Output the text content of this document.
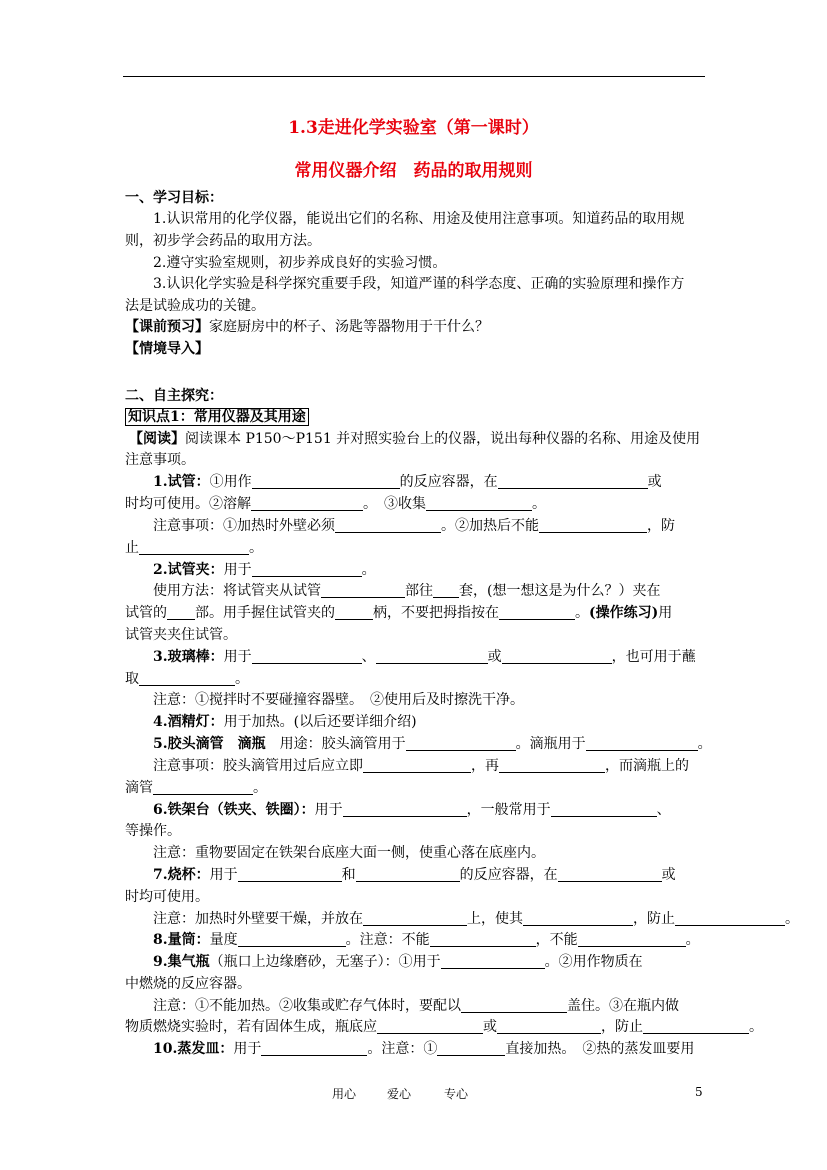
1.3走进化学实验室（第一课时）
常用仪器介绍　药品的取用规则
一、学习目标：
1.认识常用的化学仪器，能说出它们的名称、用途及使用注意事项。知道药品的取用规
则，初步学会药品的取用方法。
2.遵守实验室规则，初步养成良好的实验习惯。
3.认识化学实验是科学探究重要手段，知道严谨的科学态度、正确的实验原理和操作方
法是试验成功的关键。
【课前预习】家庭厨房中的杯子、汤匙等器物用于干什么？
【情境导入】
二、自主探究：
知识点1：常用仪器及其用途
【阅读】阅读课本 P150～P151 并对照实验台上的仪器，说出每种仪器的名称、用途及使用
注意事项。
1.试管：①用作	的反应容器，在	或
时均可使用。②溶解	。　③收集	。
注意事项：①加热时外壁必须	。②加热后不能	，防
止	。
2.试管夹：用于	。
使用方法：将试管夹从试管	部往 套，(想一想这是为什么？）夹在
试管的 部。用手握住试管夹的	柄，不要把拇指按在	。(操作练习)用
试管夹夹住试管。
3.玻璃棒：用于	、	或	，也可用于蘸
取	。
注意：①搅拌时不要碰撞容器壁。　②使用后及时擦洗干净。
4.酒精灯：用于加热。(以后还要详细介绍)
5.胶头滴管　滴瓶　用途：胶头滴管用于	。滴瓶用于	。
注意事项：胶头滴管用过后应立即	，再	，而滴瓶上的
滴管	。
6.铁架台（铁夹、铁圈）：用于	，一般常用于	、
等操作。
注意：重物要固定在铁架台底座大面一侧，使重心落在底座内。
7.烧杯：用于	和	的反应容器，在	或
时均可使用。
注意：加热时外壁要干燥，并放在	上，使其	，防止	。
8.量筒：量度	。注意：不能	，不能	。
9.集气瓶（瓶口上边缘磨砂，无塞子）：①用于	。②用作物质在
中燃烧的反应容器。
注意：①不能加热。②收集或贮存气体时，要配以	盖住。③在瓶内做
物质燃烧实验时，若有固体生成，瓶底应	或	，防止	。
10.蒸发皿：用于	。注意：①	直接加热。　②热的蒸发皿要用
用心	爱心	专心	5
